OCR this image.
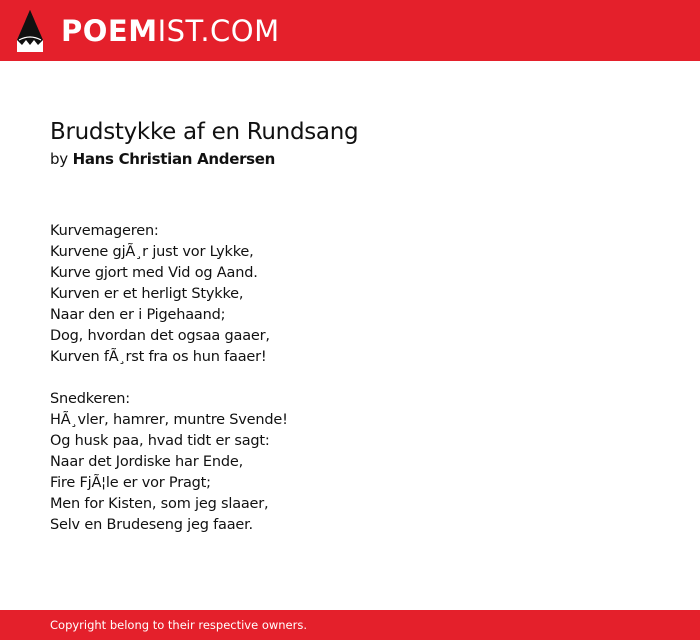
POEMIST.COM
Brudstykke af en Rundsang

by Hans Christian Andersen

Kurvemageren:
Kurvene gjÃ¸r just vor Lykke,
Kurve gjort med Vid og Aand.
Kurven er et herligt Stykke,
Naar den er i Pigehaand;
Dog, hvordan det ogsaa gaaer,
Kurven fÃ¸rst fra os hun faaer!
Snedkeren:
HÃ¸vler, hamrer, muntre Svende!
Og husk paa, hvad tidt er sagt:
Naar det Jordiske har Ende,
Fire FjÃ¦le er vor Pragt;
Men for Kisten, som jeg slaaer,
Selv en Brudeseng jeg faaer.
Copyright belong to their respective owners.
